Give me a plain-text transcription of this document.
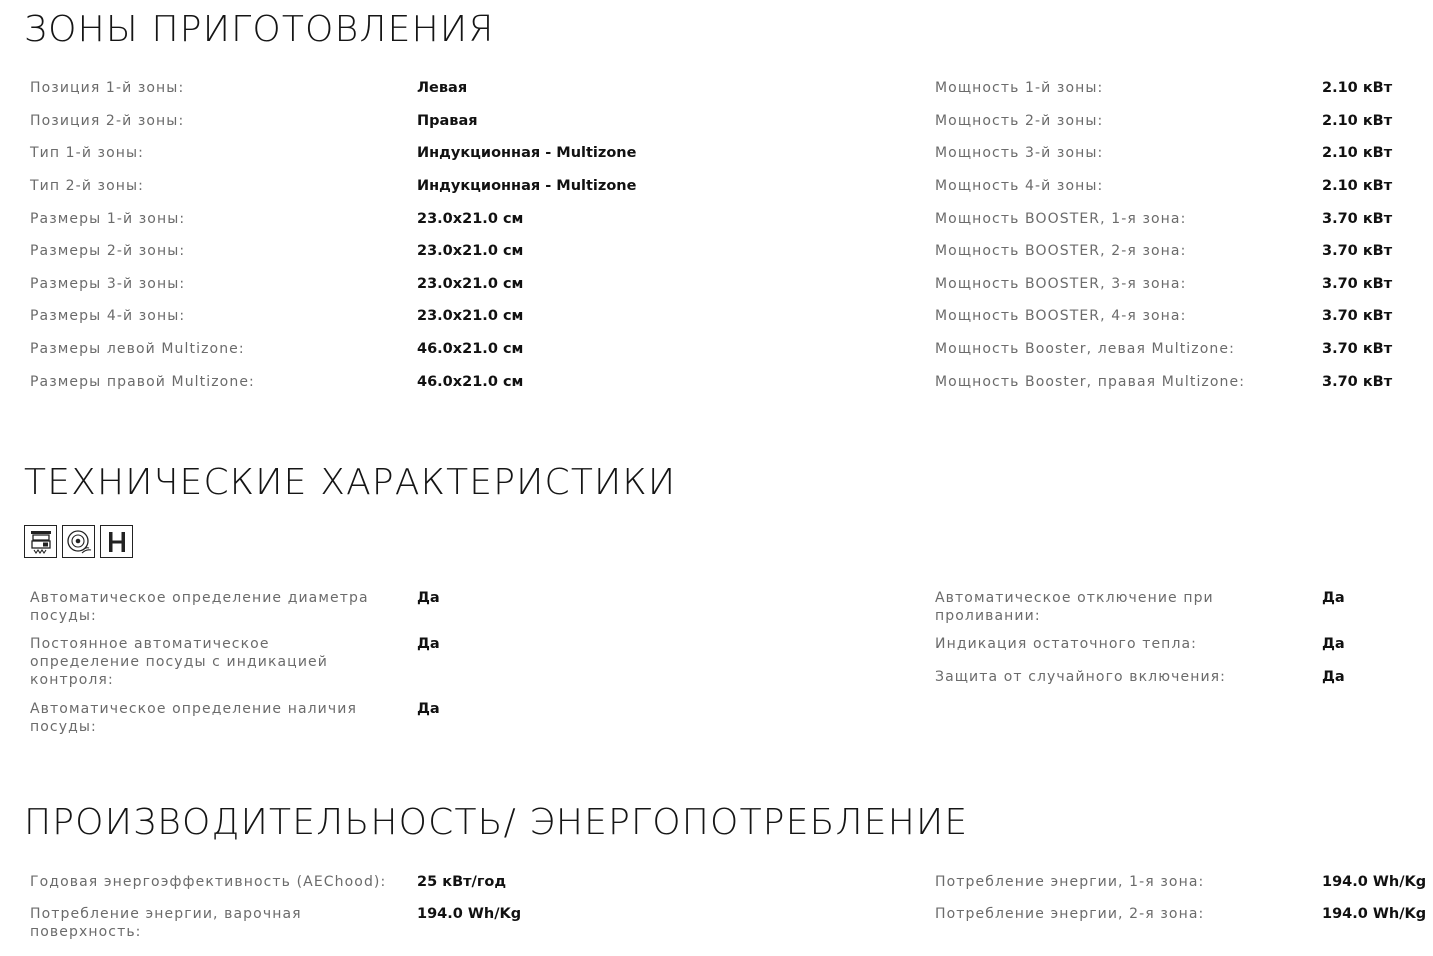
ЗОНЫ ПРИГОТОВЛЕНИЯ
Позиция 1-й зоны:	Левая
Позиция 2-й зоны:	Правая
Тип 1-й зоны:	Индукционная - Multizone
Тип 2-й зоны:	Индукционная - Multizone
Размеры 1-й зоны:	23.0x21.0 см
Размеры 2-й зоны:	23.0x21.0 см
Размеры 3-й зоны:	23.0x21.0 см
Размеры 4-й зоны:	23.0x21.0 см
Размеры левой Multizone:	46.0x21.0 см
Размеры правой Multizone:	46.0x21.0 см
Мощность 1-й зоны:	2.10 кВт
Мощность 2-й зоны:	2.10 кВт
Мощность 3-й зоны:	2.10 кВт
Мощность 4-й зоны:	2.10 кВт
Мощность BOOSTER, 1-я зона:	3.70 кВт
Мощность BOOSTER, 2-я зона:	3.70 кВт
Мощность BOOSTER, 3-я зона:	3.70 кВт
Мощность BOOSTER, 4-я зона:	3.70 кВт
Мощность Booster, левая Multizone:	3.70 кВт
Мощность Booster, правая Multizone:	3.70 кВт
ТЕХНИЧЕСКИЕ ХАРАКТЕРИСТИКИ
Автоматическое определение диаметра посуды:
Да
Постоянное автоматическое определение посуды с индикацией контроля:
Да
Автоматическое определение наличия посуды:
Да
Автоматическое отключение при проливании:
Да
Индикация остаточного тепла:	Да
Защита от случайного включения:	Да
ПРОИЗВОДИТЕЛЬНОСТЬ/ ЭНЕРГОПОТРЕБЛЕНИЕ
Годовая энергоэффективность (AEChood):	25 кВт/год
Потребление энергии, варочная поверхность:
194.0 Wh/Kg
Потребление энергии, 1-я зона:	194.0 Wh/Kg
Потребление энергии, 2-я зона:	194.0 Wh/Kg
